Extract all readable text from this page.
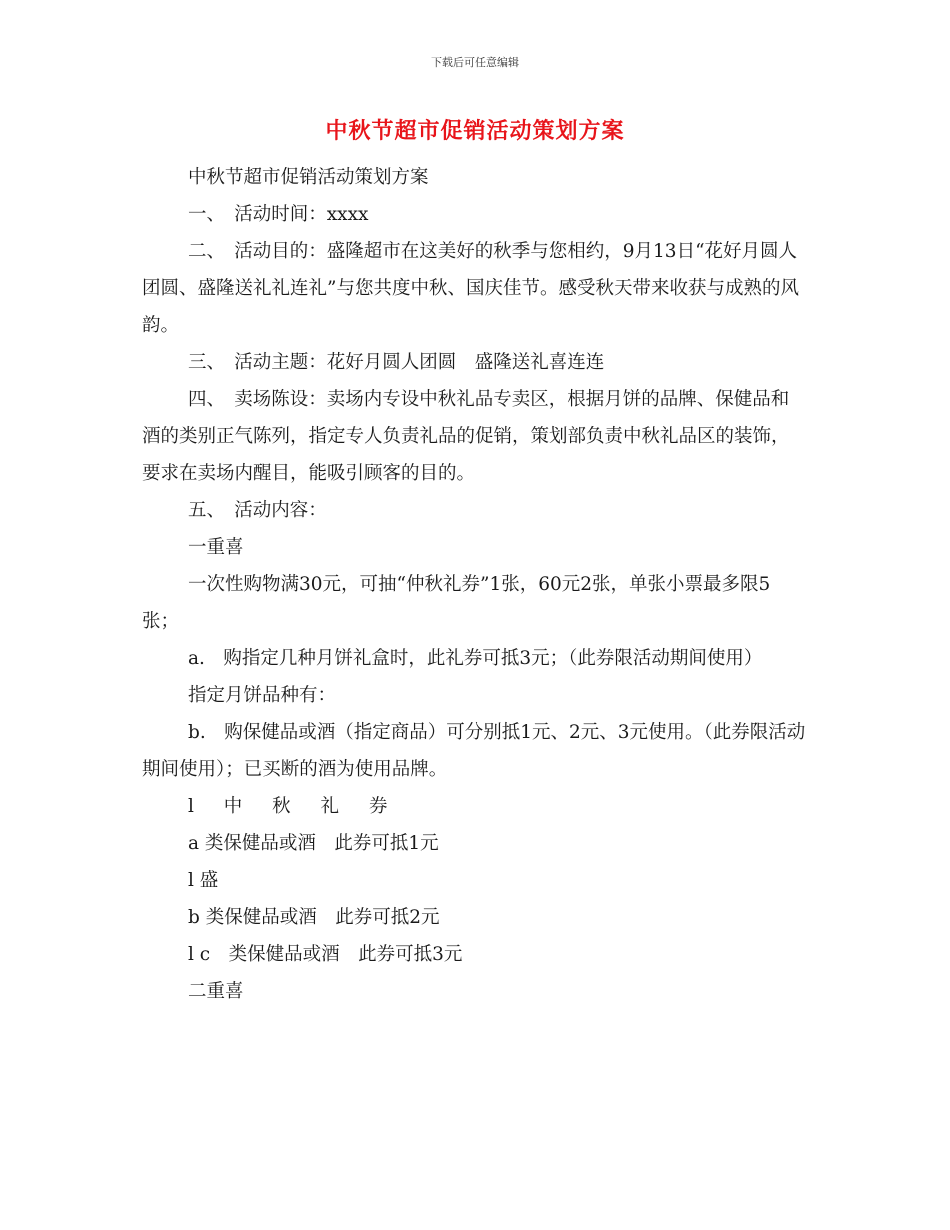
下载后可任意编辑
中秋节超市促销活动策划方案

中秋节超市促销活动策划方案

一、　活动时间：xxxx

二、　活动目的：盛隆超市在这美好的秋季与您相约，9月13日“花好月圆人团圆、盛隆送礼礼连礼”与您共度中秋、国庆佳节。感受秋天带来收获与成熟的风韵。

三、　活动主题：花好月圆人团圆　盛隆送礼喜连连

四、　卖场陈设：卖场内专设中秋礼品专卖区，根据月饼的品牌、保健品和酒的类别正气陈列，指定专人负责礼品的促销，策划部负责中秋礼品区的装饰，要求在卖场内醒目，能吸引顾客的目的。

五、　活动内容：

一重喜

一次性购物满30元，可抽“仲秋礼券”1张，60元2张，单张小票最多限5张；

a.　购指定几种月饼礼盒时，此礼券可抵3元；（此券限活动期间使用）

指定月饼品种有：

b.　购保健品或酒（指定商品）可分别抵1元、2元、3元使用。（此券限活动期间使用）；已买断的酒为使用品牌。

l 中 秋 礼 券

a 类保健品或酒　此券可抵1元

l 盛

b 类保健品或酒　此券可抵2元

l c　类保健品或酒　此券可抵3元

二重喜
